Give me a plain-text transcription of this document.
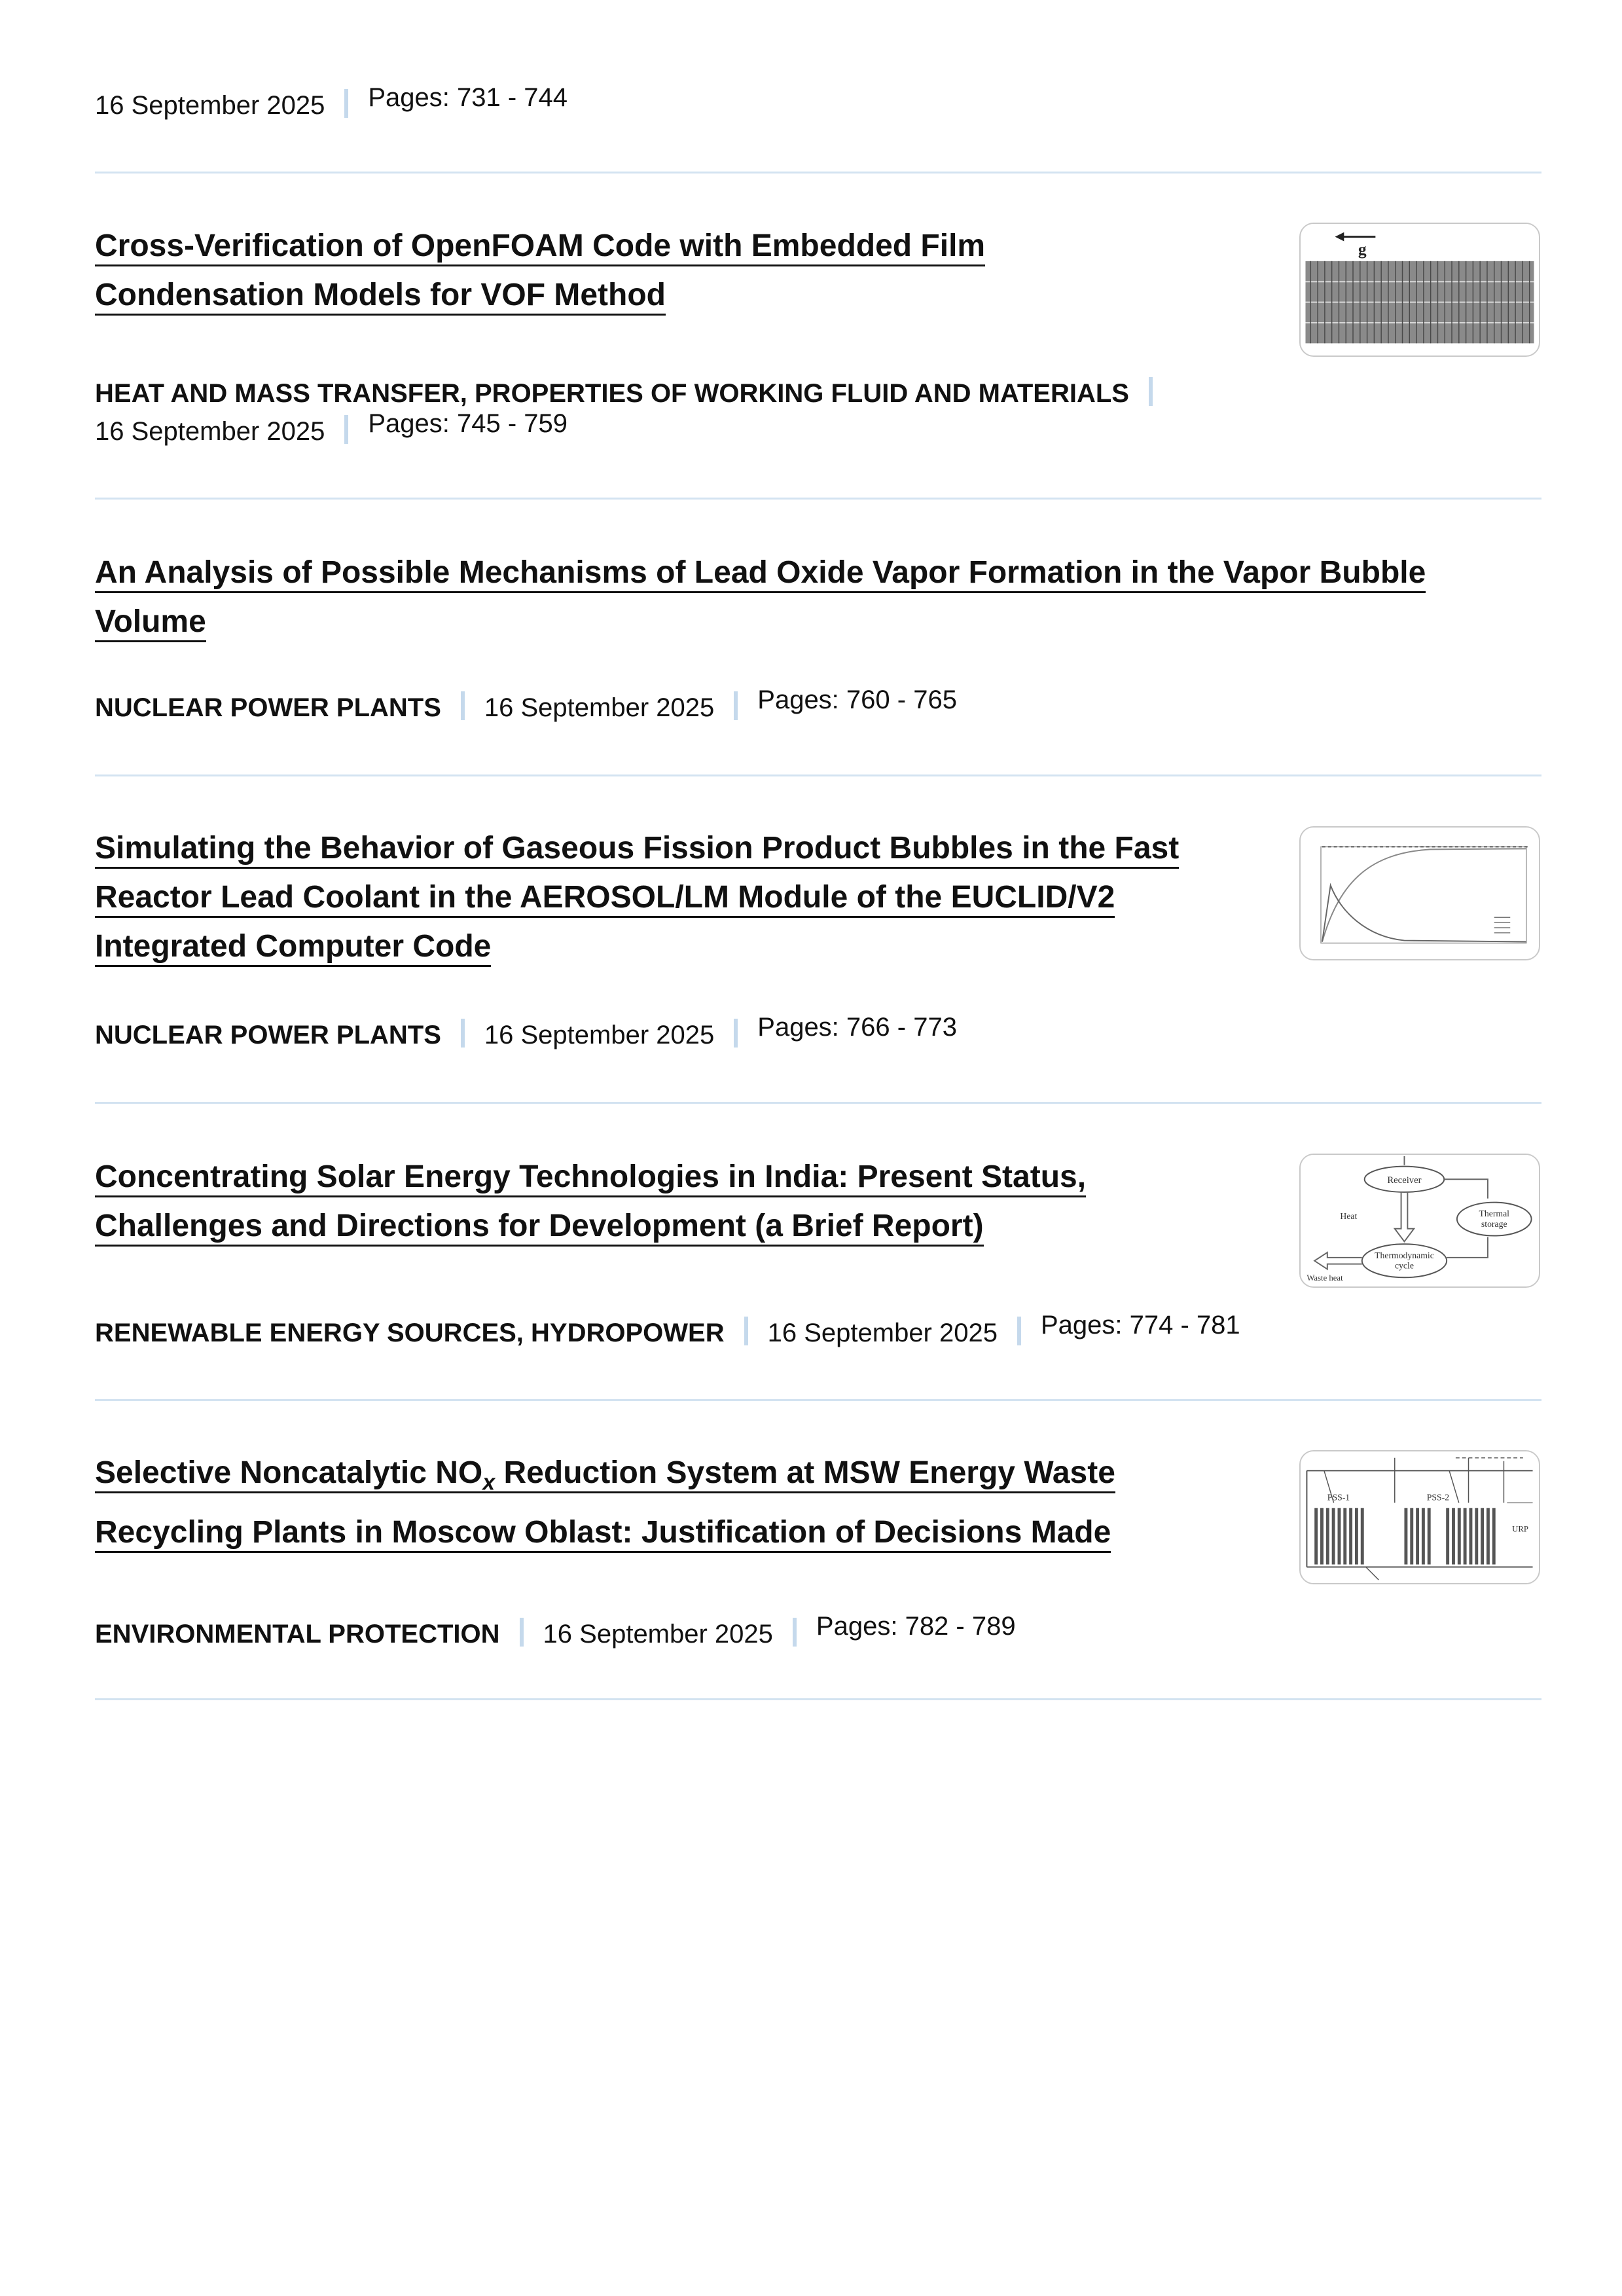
16 September 2025 Pages: 731 - 744
Cross-Verification of OpenFOAM Code with Embedded Film
Condensation Models for VOF Method
g
HEAT AND MASS TRANSFER, PROPERTIES OF WORKING FLUID AND MATERIALS
16 September 2025 Pages: 745 - 759
An Analysis of Possible Mechanisms of Lead Oxide Vapor Formation in the Vapor Bubble
Volume
NUCLEAR POWER PLANTS 16 September 2025 Pages: 760 - 765
Simulating the Behavior of Gaseous Fission Product Bubbles in the Fast
Reactor Lead Coolant in the AEROSOL/LM Module of the EUCLID/V2
Integrated Computer Code
NUCLEAR POWER PLANTS 16 September 2025 Pages: 766 - 773
Concentrating Solar Energy Technologies in India: Present Status,
Challenges and Directions for Development (a Brief Report)
Receiver
Thermal
storage
Thermodynamic
cycle
Heat
Waste heat
RENEWABLE ENERGY SOURCES, HYDROPOWER 16 September 2025 Pages: 774 - 781
Selective Noncatalytic $NO_x$ Reduction System at MSW Energy Waste
Recycling Plants in Moscow Oblast: Justification of Decisions Made
PSS-1	PSS-2
URP
ENVIRONMENTAL PROTECTION 16 September 2025 Pages: 782 - 789
